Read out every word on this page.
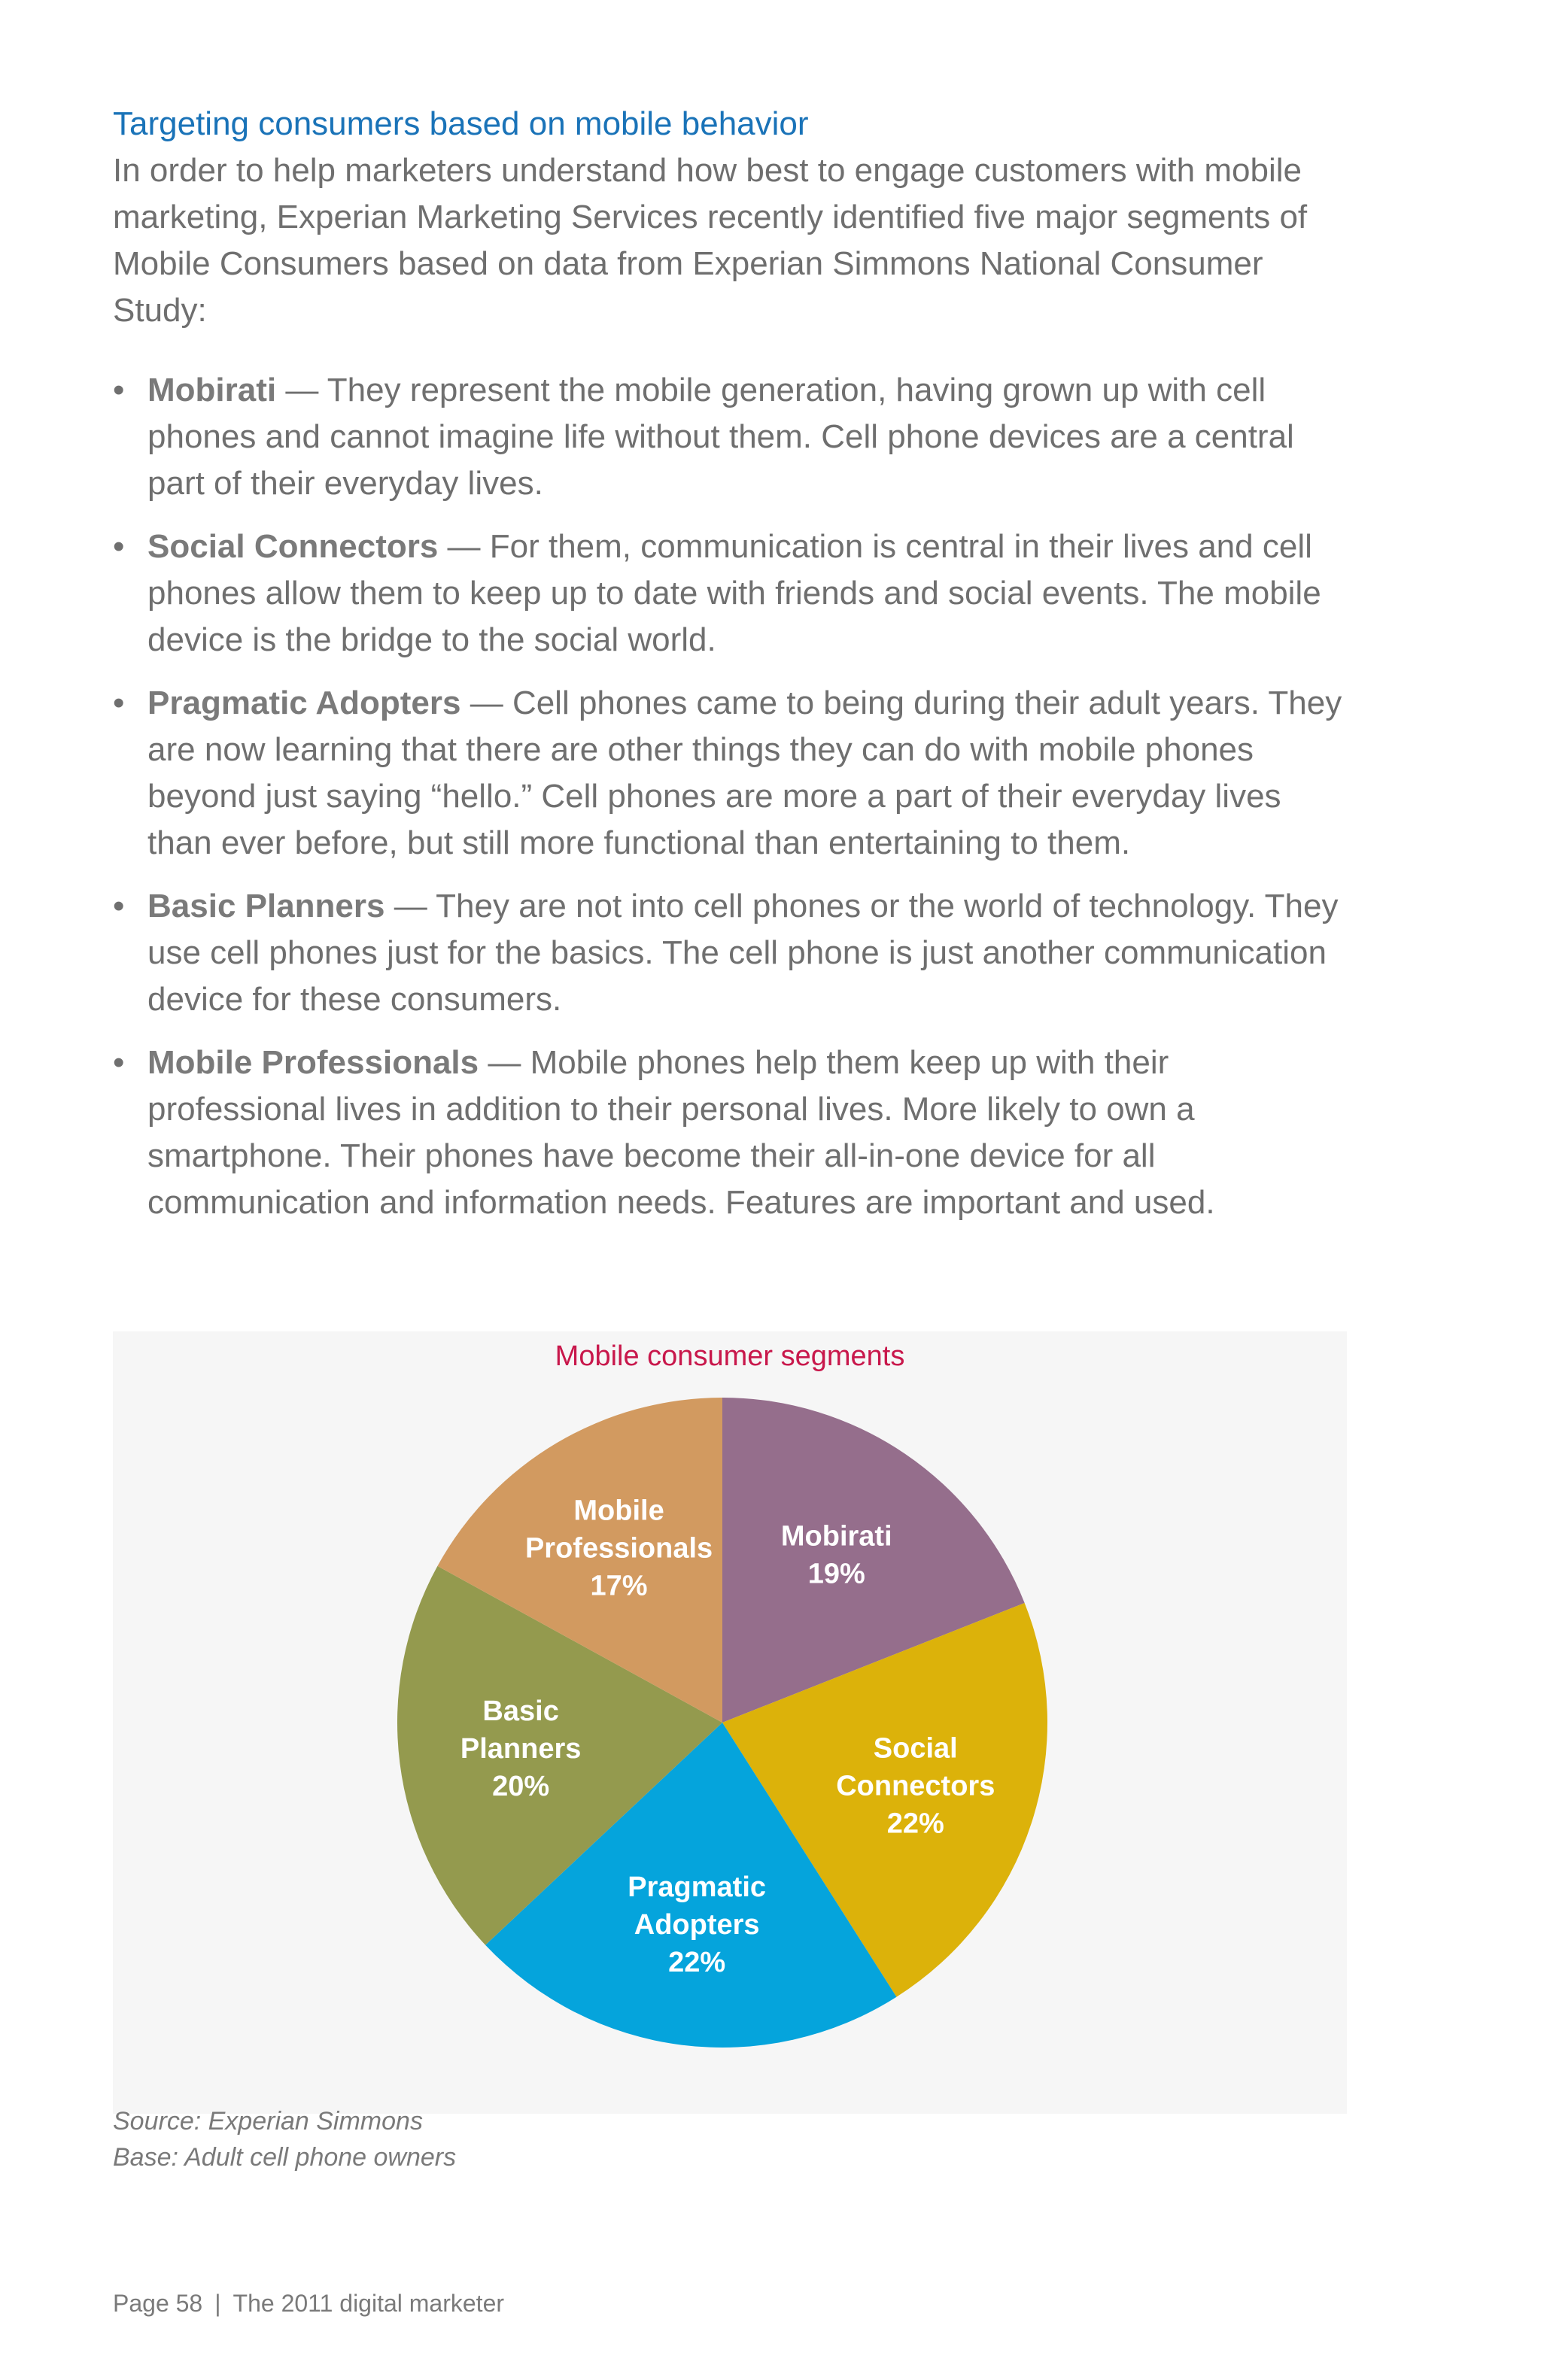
Targeting consumers based on mobile behavior

In order to help marketers understand how best to engage customers with mobile marketing, Experian Marketing Services recently identified five major segments of Mobile Consumers based on data from Experian Simmons National Consumer Study:

• Mobirati — They represent the mobile generation, having grown up with cell phones and cannot imagine life without them. Cell phone devices are a central part of their everyday lives.
• Social Connectors — For them, communication is central in their lives and cell phones allow them to keep up to date with friends and social events. The mobile device is the bridge to the social world.
• Pragmatic Adopters — Cell phones came to being during their adult years. They are now learning that there are other things they can do with mobile phones beyond just saying “hello.” Cell phones are more a part of their everyday lives than ever before, but still more functional than entertaining to them.
• Basic Planners — They are not into cell phones or the world of technology. They use cell phones just for the basics. The cell phone is just another communication device for these consumers.
• Mobile Professionals — Mobile phones help them keep up with their professional lives in addition to their personal lives. More likely to own a smartphone. Their phones have become their all-in-one device for all communication and information needs. Features are important and used.
Mobile consumer segments
Mobirati 19%
Social Connectors 22%
Pragmatic Adopters 22%
Basic Planners 20%
Mobile Professionals 17%
Source: Experian Simmons
Base: Adult cell phone owners
Page 58 | The 2011 digital marketer
